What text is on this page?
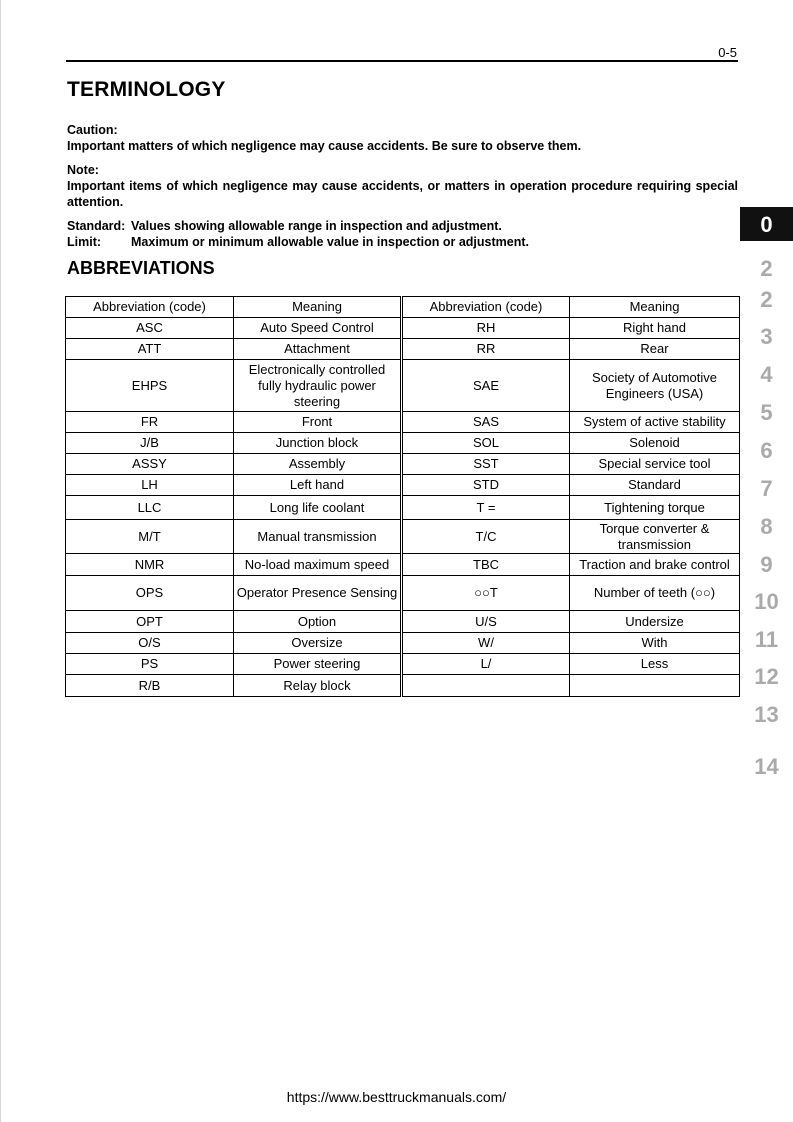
0-5
TERMINOLOGY
Caution:
Important matters of which negligence may cause accidents. Be sure to observe them.
Note:
Important items of which negligence may cause accidents, or matters in operation procedure requiring special attention.
Standard: Values showing allowable range in inspection and adjustment.
Limit:	Maximum or minimum allowable value in inspection or adjustment.
ABBREVIATIONS
Abbreviation (code)	Meaning	Abbreviation (code)	Meaning
ASC	Auto Speed Control	RH	Right hand
ATT	Attachment	RR	Rear
EHPS	Electronically controlled fully hydraulic power steering	SAE	Society of Automotive Engineers (USA)
FR	Front	SAS	System of active stability
J/B	Junction block	SOL	Solenoid
ASSY	Assembly	SST	Special service tool
LH	Left hand	STD	Standard
LLC	Long life coolant	T =	Tightening torque
M/T	Manual transmission	T/C	Torque converter & transmission
NMR	No-load maximum speed	TBC	Traction and brake control
OPS	Operator Presence Sensing	○○T	Number of teeth (○○)
OPT	Option	U/S	Undersize
O/S	Oversize	W/	With
PS	Power steering	L/	Less
R/B	Relay block		
0
2
2
3
4
5
6
7
8
9
10
11
12
13
14
https://www.besttruckmanuals.com/
